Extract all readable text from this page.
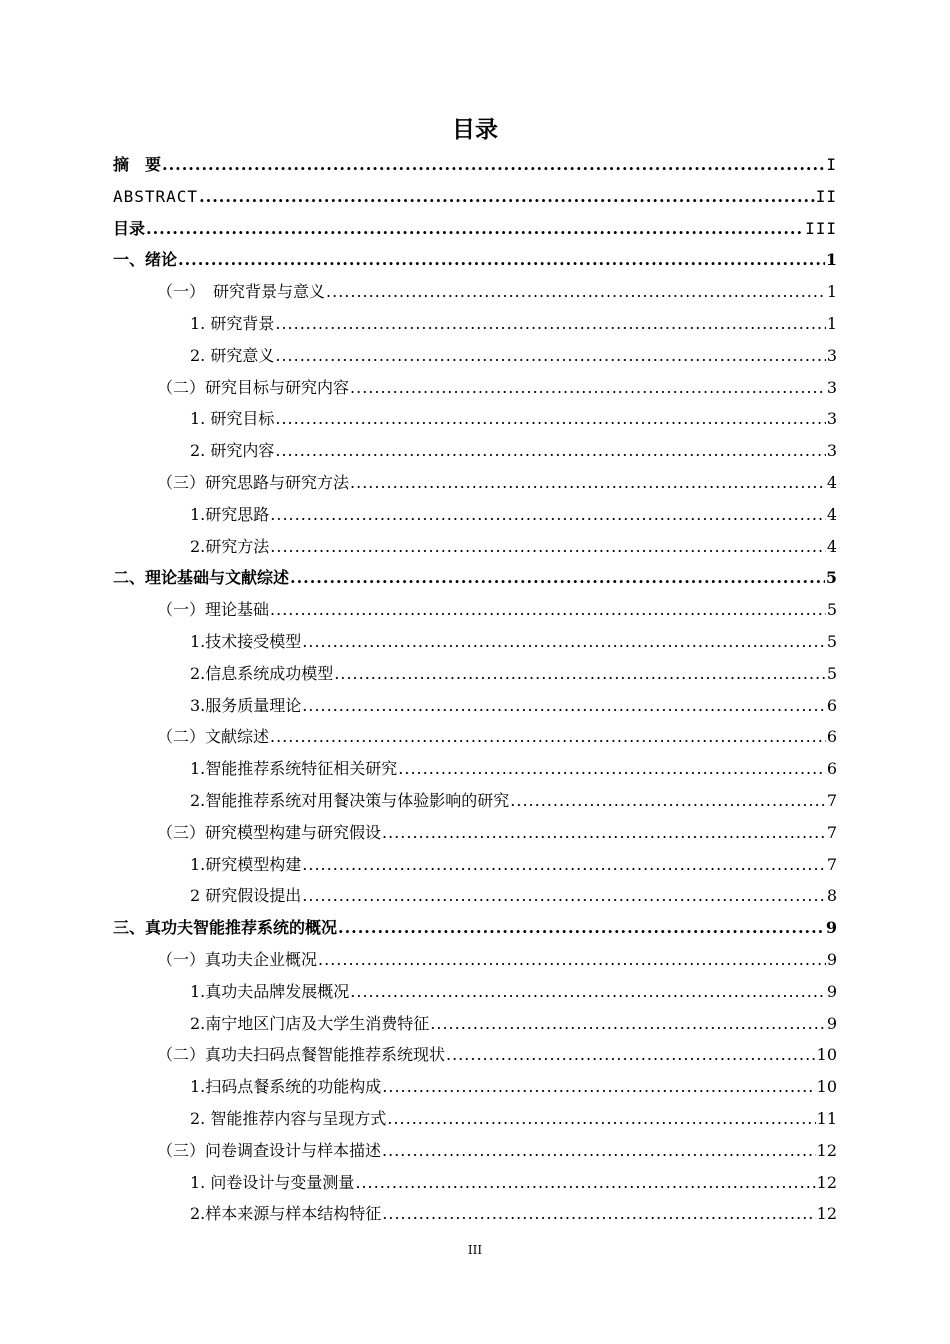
目录
摘　要 .....	I
ABSTRACT .....	II
目录 .....	III
一、绪论 .....	1
（一）　研究背景与意义 .....	1
1. 研究背景 .....	1
2. 研究意义 .....	3
（二）研究目标与研究内容 .....	3
1. 研究目标 .....	3
2. 研究内容 .....	3
（三）研究思路与研究方法 .....	4
1.研究思路 .....	4
2.研究方法 .....	4
二、理论基础与文献综述 .....	5
（一）理论基础 .....	5
1.技术接受模型 .....	5
2.信息系统成功模型 .....	5
3.服务质量理论 .....	6
（二）文献综述 .....	6
1.智能推荐系统特征相关研究 .....	6
2.智能推荐系统对用餐决策与体验影响的研究 .....	7
（三）研究模型构建与研究假设 .....	7
1.研究模型构建 .....	7
2 研究假设提出 .....	8
三、真功夫智能推荐系统的概况 .....	9
（一）真功夫企业概况 .....	9
1.真功夫品牌发展概况 .....	9
2.南宁地区门店及大学生消费特征 .....	9
（二）真功夫扫码点餐智能推荐系统现状 .....	10
1.扫码点餐系统的功能构成 .....	10
2. 智能推荐内容与呈现方式 .....	11
（三）问卷调查设计与样本描述 .....	12
1. 问卷设计与变量测量 .....	12
2.样本来源与样本结构特征 .....	12
III
